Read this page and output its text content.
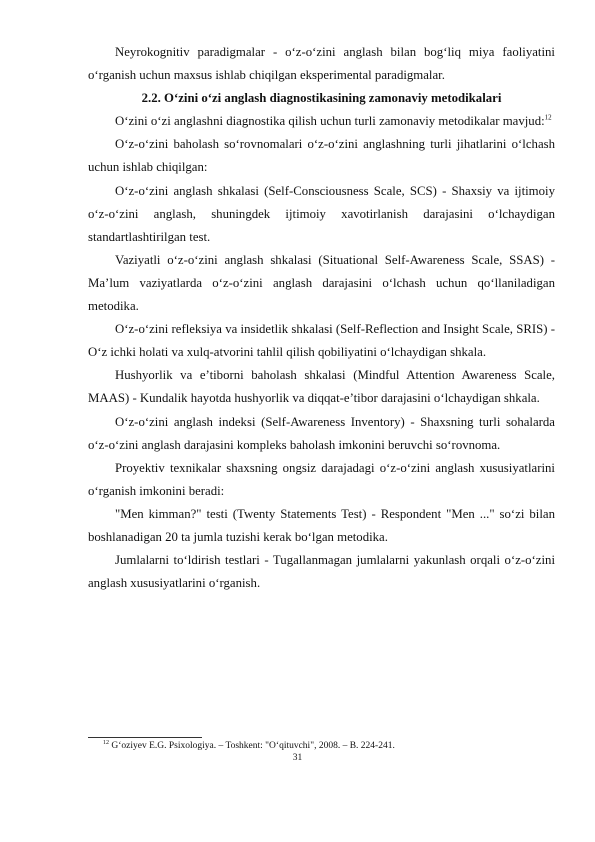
Neyrokognitiv paradigmalar - o‘z-o‘zini anglash bilan bog‘liq miya faoliyatini o‘rganish uchun maxsus ishlab chiqilgan eksperimental paradigmalar.

2.2. O‘zini o‘zi anglash diagnostikasining zamonaviy metodikalari

O‘zini o‘zi anglashni diagnostika qilish uchun turli zamonaviy metodikalar mavjud:$^{12}$

O‘z-o‘zini baholash so‘rovnomalari o‘z-o‘zini anglashning turli jihatlarini o‘lchash uchun ishlab chiqilgan:

O‘z-o‘zini anglash shkalasi (Self-Consciousness Scale, SCS) - Shaxsiy va ijtimoiy o‘z-o‘zini anglash, shuningdek ijtimoiy xavotirlanish darajasini o‘lchaydigan standartlashtirilgan test.

Vaziyatli o‘z-o‘zini anglash shkalasi (Situational Self-Awareness Scale, SSAS) - Ma’lum vaziyatlarda o‘z-o‘zini anglash darajasini o‘lchash uchun qo‘llaniladigan metodika.

O‘z-o‘zini refleksiya va insidetlik shkalasi (Self-Reflection and Insight Scale, SRIS) - O‘z ichki holati va xulq-atvorini tahlil qilish qobiliyatini o‘lchaydigan shkala.

Hushyorlik va e’tiborni baholash shkalasi (Mindful Attention Awareness Scale, MAAS) - Kundalik hayotda hushyorlik va diqqat-e’tibor darajasini o‘lchaydigan shkala.

O‘z-o‘zini anglash indeksi (Self-Awareness Inventory) - Shaxsning turli sohalarda o‘z-o‘zini anglash darajasini kompleks baholash imkonini beruvchi so‘rovnoma.

Proyektiv texnikalar shaxsning ongsiz darajadagi o‘z-o‘zini anglash xususiyatlarini o‘rganish imkonini beradi:

"Men kimman?" testi (Twenty Statements Test) - Respondent "Men ..." so‘zi bilan boshlanadigan 20 ta jumla tuzishi kerak bo‘lgan metodika.

Jumlalarni to‘ldirish testlari - Tugallanmagan jumlalarni yakunlash orqali o‘z-o‘zini anglash xususiyatlarini o‘rganish.

$^{12}$ G‘oziyev E.G. Psixologiya. – Toshkent: "O‘qituvchi", 2008. – B. 224-241.
31
